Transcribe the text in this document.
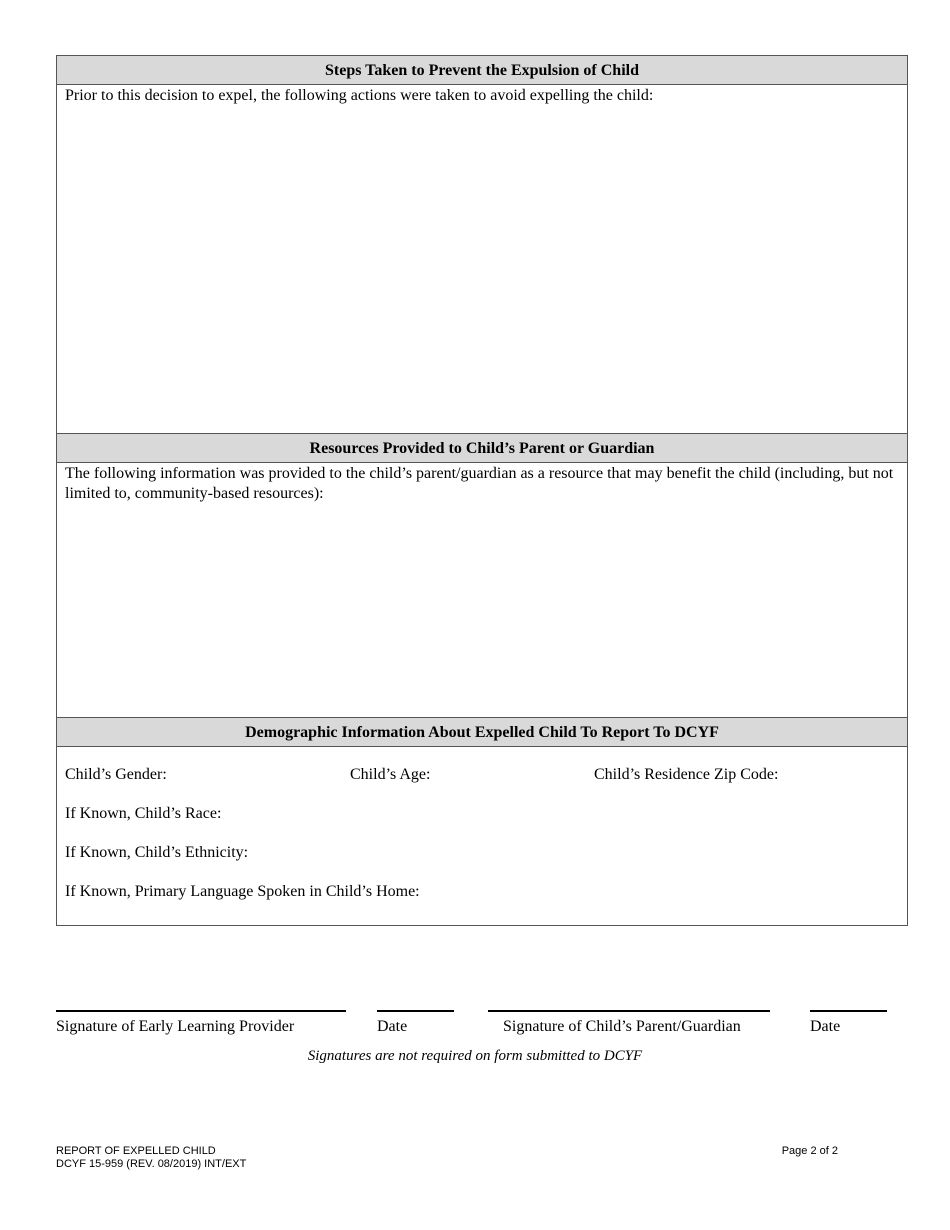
Steps Taken to Prevent the Expulsion of Child
Prior to this decision to expel, the following actions were taken to avoid expelling the child:
Resources Provided to Child’s Parent or Guardian
The following information was provided to the child’s parent/guardian as a resource that may benefit the child (including, but not limited to, community-based resources):
Demographic Information About Expelled Child To Report To DCYF
Child’s Gender:	Child’s Age:	Child’s Residence Zip Code:
If Known, Child’s Race:
If Known, Child’s Ethnicity:
If Known, Primary Language Spoken in Child’s Home:
Signature of Early Learning Provider	Date	Signature of Child’s Parent/Guardian	Date
Signatures are not required on form submitted to DCYF
REPORT OF EXPELLED CHILD
DCYF 15-959 (REV. 08/2019) INT/EXT
Page 2 of 2
